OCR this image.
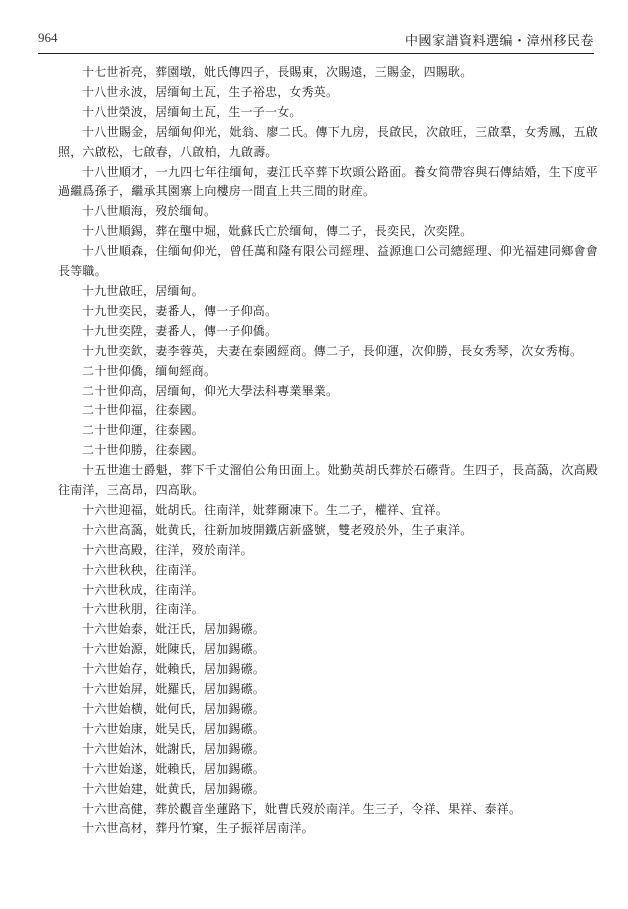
964	中國家譜資料選编・漳州移民卷

十七世祈亮，葬園墩，妣氏傳四子，長賜東，次賜遠，三賜金，四賜耿。

十八世永波，居缅甸土瓦，生子裕忠，女秀英。

十八世榮波，居缅甸土瓦，生一子一女。

十八世賜金，居缅甸仰光，妣翁、廖二氏。傳下九房，長啟民，次啟旺，三啟羣，女秀鳳，五啟照，六啟松，七啟春，八啟柏，九啟壽。

十八世順才，一九四七年往缅甸，妻江氏卒葬下坎頭公路面。養女简帶容與石傳結婚，生下度平過繼爲孫子，繼承其園寨上向樓房一間直上共三間的財産。

十八世順海，歿於缅甸。

十八世順錫，葬在壟中堀，妣蘇氏亡於缅甸，傳二子，長奕民，次奕陞。

十八世順森，住缅甸仰光，曾任萬和隆有限公司經理、益源進口公司總經理、仰光福建同鄉會會長等職。

十九世啟旺，居缅甸。

十九世奕民，妻番人，傳一子仰高。

十九世奕陞，妻番人，傳一子仰僑。

十九世奕欽，妻李蓉英，夫妻在泰國經商。傳二子，長仰運，次仰勝，長女秀琴，次女秀梅。

二十世仰僑，缅甸經商。

二十世仰高，居缅甸，仰光大學法科專業畢業。

二十世仰福，往泰國。

二十世仰運，往泰國。

二十世仰勝，往泰國。

十五世進士爵魁，葬下千丈溜伯公角田面上。妣勤英胡氏葬於石礤背。生四子，長高藹，次高殿往南洋，三高昂，四高耿。

十六世迎福，妣胡氏。往南洋，妣葬爾凍下。生二子，權祥、宜祥。

十六世高藹，妣黄氏，往新加坡開鐵店新盛號，雙老歿於外，生子東洋。

十六世高殿，往洋，歿於南洋。

十六世秋秧，往南洋。

十六世秋成，往南洋。

十六世秋朋，往南洋。

十六世始泰，妣汪氏，居加錫礤。

十六世始源，妣陳氏，居加錫礤。

十六世始存，妣賴氏，居加錫礤。

十六世始屏，妣羅氏，居加錫礤。

十六世始横，妣何氏，居加錫礤。

十六世始康，妣吴氏，居加錫礤。

十六世始沐，妣謝氏，居加錫礤。

十六世始遂，妣賴氏，居加錫礤。

十六世始建，妣黄氏，居加錫礤。

十六世高健，葬於觀音坐蓮路下，妣曹氏歿於南洋。生三子，令祥、果祥、泰祥。

十六世高材，葬丹竹窠，生子振祥居南洋。
